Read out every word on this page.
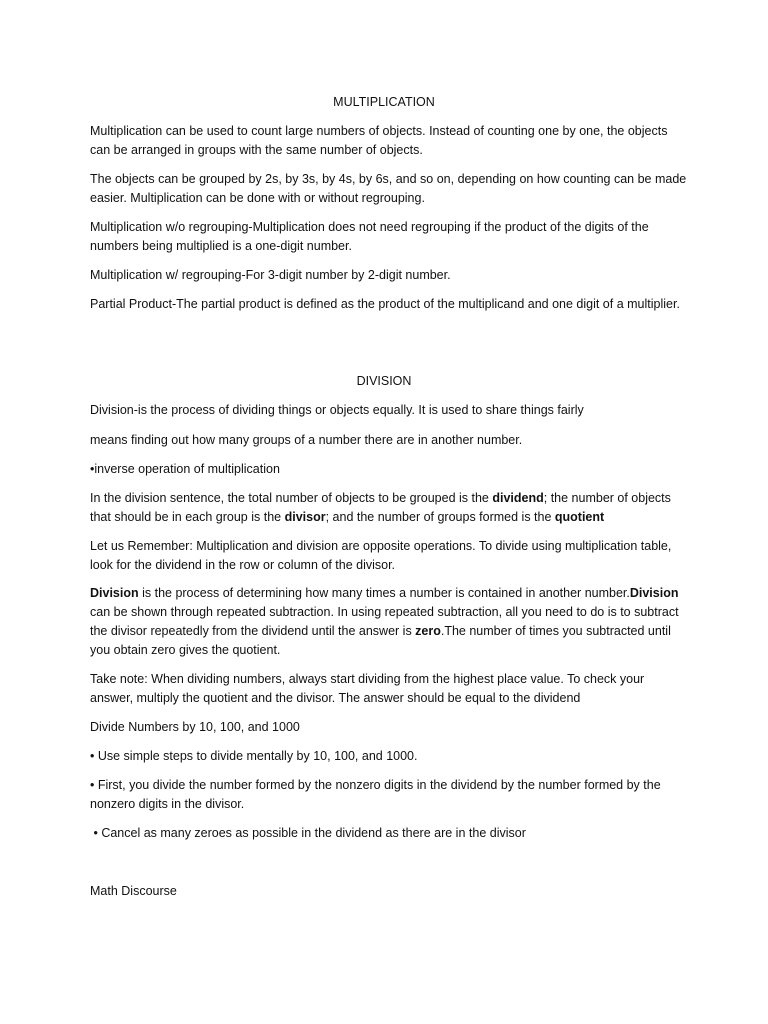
MULTIPLICATION

Multiplication can be used to count large numbers of objects. Instead of counting one by one, the objects can be arranged in groups with the same number of objects.

The objects can be grouped by 2s, by 3s, by 4s, by 6s, and so on, depending on how counting can be made easier. Multiplication can be done with or without regrouping.

Multiplication w/o regrouping-Multiplication does not need regrouping if the product of the digits of the numbers being multiplied is a one-digit number.

Multiplication w/ regrouping-For 3-digit number by 2-digit number.

Partial Product-The partial product is defined as the product of the multiplicand and one digit of a multiplier.

DIVISION

Division-is the process of dividing things or objects equally. It is used to share things fairly

means finding out how many groups of a number there are in another number.

•inverse operation of multiplication

In the division sentence, the total number of objects to be grouped is the dividend; the number of objects that should be in each group is the divisor; and the number of groups formed is the quotient

Let us Remember: Multiplication and division are opposite operations. To divide using multiplication table, look for the dividend in the row or column of the divisor.

Division is the process of determining how many times a number is contained in another number.Division can be shown through repeated subtraction. In using repeated subtraction, all you need to do is to subtract the divisor repeatedly from the dividend until the answer is zero.The number of times you subtracted until you obtain zero gives the quotient.

Take note: When dividing numbers, always start dividing from the highest place value. To check your answer, multiply the quotient and the divisor. The answer should be equal to the dividend

Divide Numbers by 10, 100, and 1000

• Use simple steps to divide mentally by 10, 100, and 1000.

• First, you divide the number formed by the nonzero digits in the dividend by the number formed by the nonzero digits in the divisor.

• Cancel as many zeroes as possible in the dividend as there are in the divisor

Math Discourse
